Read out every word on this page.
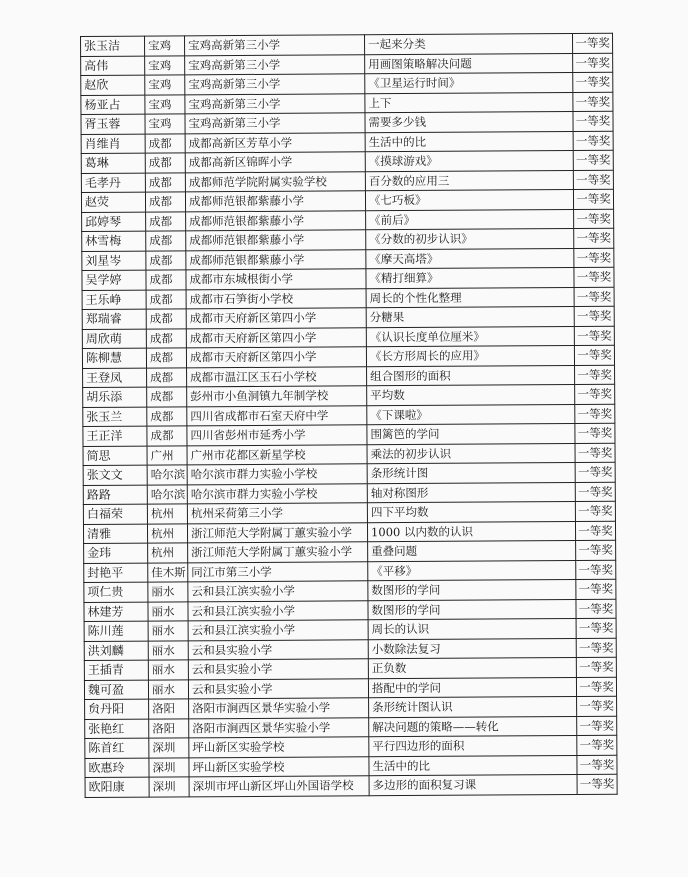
张玉洁	宝鸡	宝鸡高新第三小学	一起来分类	一等奖
高伟	宝鸡	宝鸡高新第三小学	用画图策略解决问题	一等奖
赵欣	宝鸡	宝鸡高新第三小学	《卫星运行时间》	一等奖
杨亚占	宝鸡	宝鸡高新第三小学	上下	一等奖
胥玉蓉	宝鸡	宝鸡高新第三小学	需要多少钱	一等奖
肖维肖	成都	成都高新区芳草小学	生活中的比	一等奖
葛琳	成都	成都高新区锦晖小学	《摸球游戏》	一等奖
毛孝丹	成都	成都师范学院附属实验学校	百分数的应用三	一等奖
赵荧	成都	成都师范银都紫藤小学	《七巧板》	一等奖
邱婷琴	成都	成都师范银都紫藤小学	《前后》	一等奖
林雪梅	成都	成都师范银都紫藤小学	《分数的初步认识》	一等奖
刘星岑	成都	成都师范银都紫藤小学	《摩天高塔》	一等奖
吴学婷	成都	成都市东城根街小学	《精打细算》	一等奖
王乐峥	成都	成都市石笋街小学校	周长的个性化整理	一等奖
郑瑞睿	成都	成都市天府新区第四小学	分糖果	一等奖
周欣萌	成都	成都市天府新区第四小学	《认识长度单位厘米》	一等奖
陈柳慧	成都	成都市天府新区第四小学	《长方形周长的应用》	一等奖
王登凤	成都	成都市温江区玉石小学校	组合图形的面积	一等奖
胡乐添	成都	彭州市小鱼洞镇九年制学校	平均数	一等奖
张玉兰	成都	四川省成都市石室天府中学	《下课啦》	一等奖
王正洋	成都	四川省彭州市延秀小学	围篱笆的学问	一等奖
简思	广州	广州市花都区新星学校	乘法的初步认识	一等奖
张文文	哈尔滨	哈尔滨市群力实验小学校	条形统计图	一等奖
路路	哈尔滨	哈尔滨市群力实验小学校	轴对称图形	一等奖
白福荣	杭州	杭州采荷第三小学	四下平均数	一等奖
清雅	杭州	浙江师范大学附属丁蕙实验小学	1000 以内数的认识	一等奖
金玮	杭州	浙江师范大学附属丁蕙实验小学	重叠问题	一等奖
封艳平	佳木斯	同江市第三小学	《平移》	一等奖
项仁贵	丽水	云和县江滨实验小学	数图形的学问	一等奖
林建芳	丽水	云和县江滨实验小学	数图形的学问	一等奖
陈川莲	丽水	云和县江滨实验小学	周长的认识	一等奖
洪刘麟	丽水	云和县实验小学	小数除法复习	一等奖
王插青	丽水	云和县实验小学	正负数	一等奖
魏可盈	丽水	云和县实验小学	搭配中的学问	一等奖
贠丹阳	洛阳	洛阳市涧西区景华实验小学	条形统计图认识	一等奖
张艳红	洛阳	洛阳市涧西区景华实验小学	解决问题的策略——转化	一等奖
陈首红	深圳	坪山新区实验学校	平行四边形的面积	一等奖
欧惠玲	深圳	坪山新区实验学校	生活中的比	一等奖
欧阳康	深圳	深圳市坪山新区坪山外国语学校	多边形的面积复习课	一等奖
